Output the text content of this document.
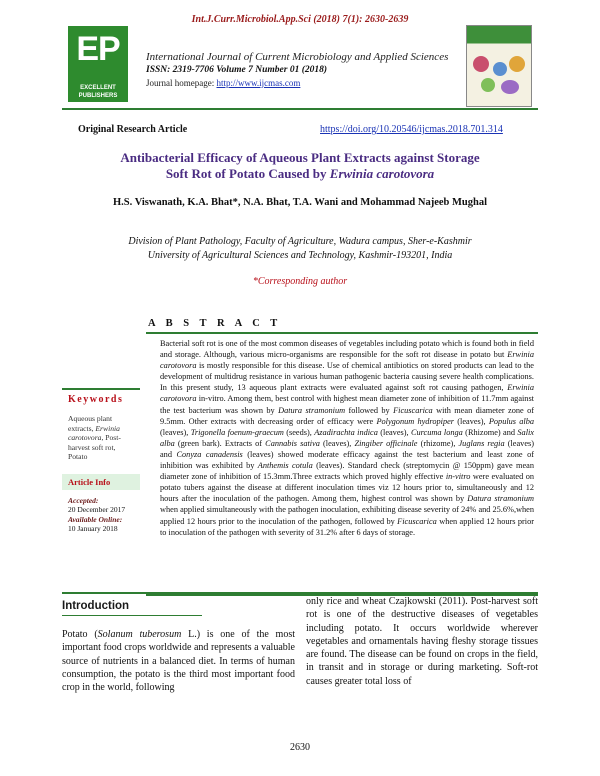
Int.J.Curr.Microbiol.App.Sci (2018) 7(1): 2630-2639
EP
EXCELLENT PUBLISHERS
International Journal of Current Microbiology and Applied Sciences
ISSN: 2319-7706 Volume 7 Number 01 (2018)
Journal homepage: http://www.ijcmas.com
Original Research Article	https://doi.org/10.20546/ijcmas.2018.701.314
Antibacterial Efficacy of Aqueous Plant Extracts against Storage
Soft Rot of Potato Caused by Erwinia carotovora
H.S. Viswanath, K.A. Bhat*, N.A. Bhat, T.A. Wani and Mohammad Najeeb Mughal
Division of Plant Pathology, Faculty of Agriculture, Wadura campus, Sher-e-Kashmir
University of Agricultural Sciences and Technology, Kashmir-193201, India
*Corresponding author
A B S T R A C T
Bacterial soft rot is one of the most common diseases of vegetables including potato which is found both in field and storage. Although, various micro-organisms are responsible for the soft rot disease in potato but Erwinia carotovora is mostly responsible for this disease. Use of chemical antibiotics on stored products can lead to the development of multidrug resistance in various human pathogenic bacteria causing severe health complications. In this present study, 13 aqueous plant extracts were evaluated against soft rot causing pathogen, Erwinia carotovora in-vitro. Among them, best control with highest mean diameter zone of inhibition of 11.7mm against the test bacterium was shown by Datura stramonium followed by Ficuscarica with mean diameter zone of 9.5mm. Other extracts with decreasing order of efficacy were Polygonum hydropiper (leaves), Populus alba (leaves), Trigonella foenum-graecum (seeds), Azadirachta indica (leaves), Curcuma longa (Rhizome) and Salix alba (green bark). Extracts of Cannabis sativa (leaves), Zingiber officinale (rhizome), Juglans regia (leaves) and Conyza canadensis (leaves) showed moderate efficacy against the test bacterium and least zone of inhibition was exhibited by Anthemis cotula (leaves). Standard check (streptomycin @ 150ppm) gave mean diameter zone of inhibition of 15.3mm.Three extracts which proved highly effective in-vitro were evaluated on potato tubers against the disease at different inoculation times viz 12 hours prior to, simultaneously and 12 hours after the inoculation of the pathogen. Among them, highest control was shown by Datura stramonium when applied simultaneously with the pathogen inoculation, exhibiting disease severity of 24% and 25.6%,when applied 12 hours prior to the inoculation of the pathogen, followed by Ficuscarica when applied 12 hours prior to inoculation of the pathogen with severity of 31.2% after 6 days of storage.
Keywords
Aqueous plant extracts, Erwinia carotovora, Post-harvest soft rot, Potato
Article Info
Accepted:
20 December 2017
Available Online:
10 January 2018
Introduction
Potato (Solanum tuberosum L.) is one of the most important food crops worldwide and represents a valuable source of nutrients in a balanced diet. In terms of human consumption, the potato is the third most important food crop in the world, following
only rice and wheat Czajkowski (2011). Post-harvest soft rot is one of the destructive diseases of vegetables including potato. It occurs worldwide wherever vegetables and ornamentals having fleshy storage tissues are found. The disease can be found on crops in the field, in transit and in storage or during marketing. Soft-rot causes greater total loss of
2630
